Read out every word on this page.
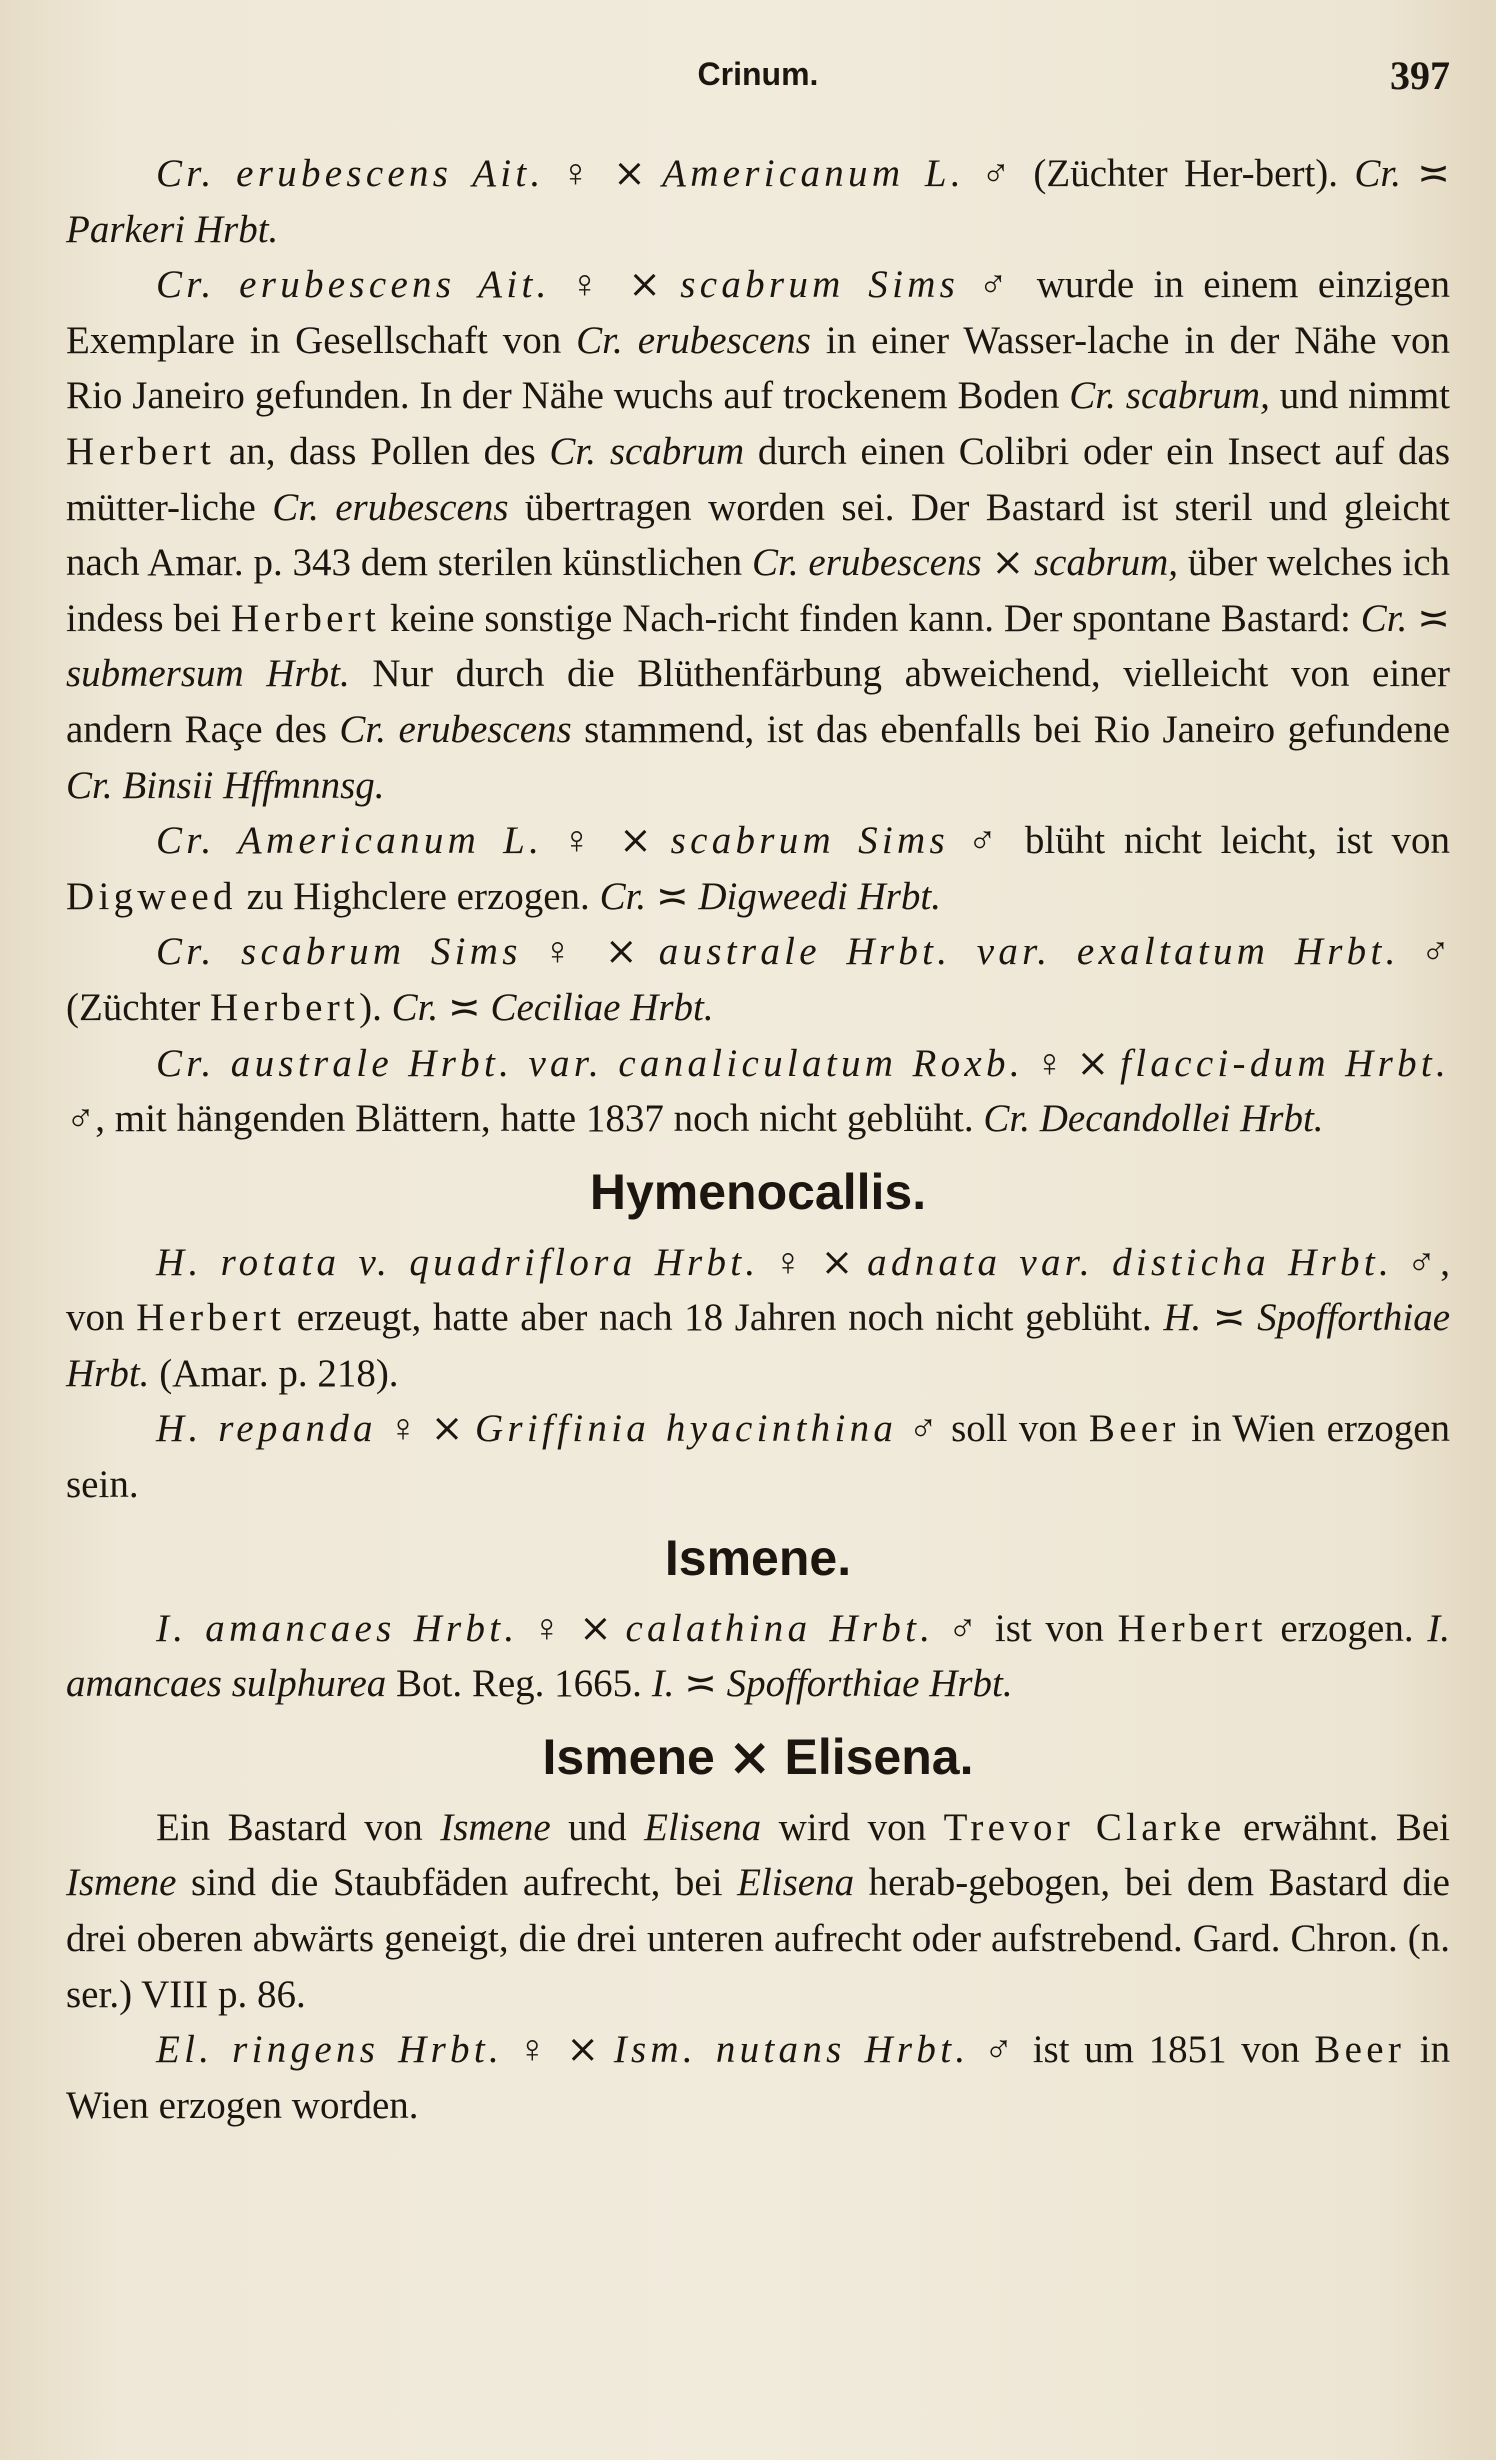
Crinum.	397

Cr. erubescens Ait. ♀ ⨯ Americanum L. ♂ (Züchter Her-bert). Cr. ≍ Parkeri Hrbt.

Cr. erubescens Ait. ♀ ⨯ scabrum Sims ♂ wurde in einem einzigen Exemplare in Gesellschaft von Cr. erubescens in einer Wasser-lache in der Nähe von Rio Janeiro gefunden. In der Nähe wuchs auf trockenem Boden Cr. scabrum, und nimmt Herbert an, dass Pollen des Cr. scabrum durch einen Colibri oder ein Insect auf das mütter-liche Cr. erubescens übertragen worden sei. Der Bastard ist steril und gleicht nach Amar. p. 343 dem sterilen künstlichen Cr. erubescens ⨯ scabrum, über welches ich indess bei Herbert keine sonstige Nach-richt finden kann. Der spontane Bastard: Cr. ≍ submersum Hrbt. Nur durch die Blüthenfärbung abweichend, vielleicht von einer andern Raçe des Cr. erubescens stammend, ist das ebenfalls bei Rio Janeiro gefundene Cr. Binsii Hffmnnsg.

Cr. Americanum L. ♀ ⨯ scabrum Sims ♂ blüht nicht leicht, ist von Digweed zu Highclere erzogen. Cr. ≍ Digweedi Hrbt.

Cr. scabrum Sims ♀ ⨯ australe Hrbt. var. exaltatum Hrbt. ♂ (Züchter Herbert). Cr. ≍ Ceciliae Hrbt.

Cr. australe Hrbt. var. canaliculatum Roxb. ♀ ⨯ flacci-dum Hrbt. ♂, mit hängenden Blättern, hatte 1837 noch nicht geblüht. Cr. Decandollei Hrbt.

Hymenocallis.

H. rotata v. quadriflora Hrbt. ♀ ⨯ adnata var. disticha Hrbt. ♂, von Herbert erzeugt, hatte aber nach 18 Jahren noch nicht geblüht. H. ≍ Spofforthiae Hrbt. (Amar. p. 218).

H. repanda ♀ ⨯ Griffinia hyacinthina ♂ soll von Beer in Wien erzogen sein.

Ismene.

I. amancaes Hrbt. ♀ ⨯ calathina Hrbt. ♂ ist von Herbert erzogen. I. amancaes sulphurea Bot. Reg. 1665. I. ≍ Spofforthiae Hrbt.

Ismene ⨯ Elisena.

Ein Bastard von Ismene und Elisena wird von Trevor Clarke erwähnt. Bei Ismene sind die Staubfäden aufrecht, bei Elisena herab-gebogen, bei dem Bastard die drei oberen abwärts geneigt, die drei unteren aufrecht oder aufstrebend. Gard. Chron. (n. ser.) VIII p. 86.

El. ringens Hrbt. ♀ ⨯ Ism. nutans Hrbt. ♂ ist um 1851 von Beer in Wien erzogen worden.
